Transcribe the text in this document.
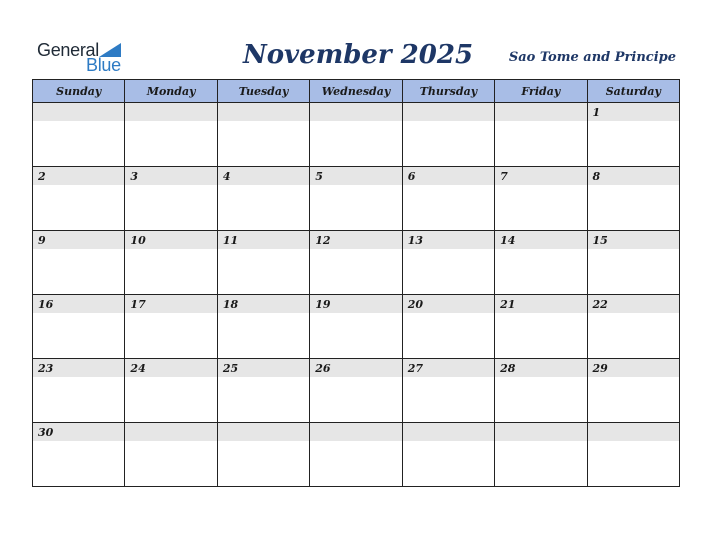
General
Blue	November 2025	Sao Tome and Principe
Sunday	Monday	Tuesday	Wednesday	Thursday	Friday	Saturday

						1

2	3	4	5	6	7	8

9	10	11	12	13	14	15

16	17	18	19	20	21	22

23	24	25	26	27	28	29

30						
